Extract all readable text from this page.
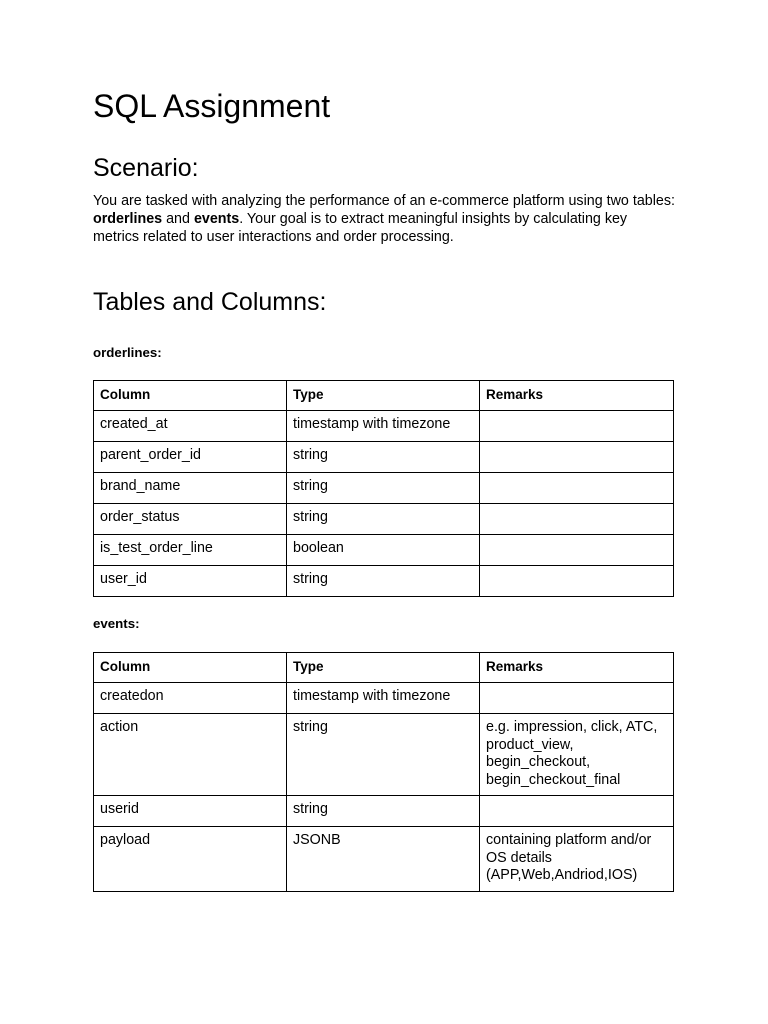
SQL Assignment
Scenario:

You are tasked with analyzing the performance of an e-commerce platform using two tables: orderlines and events. Your goal is to extract meaningful insights by calculating key metrics related to user interactions and order processing.

Tables and Columns:

orderlines:

Column	Type	Remarks
created_at	timestamp with timezone	
parent_order_id	string	
brand_name	string	
order_status	string	
is_test_order_line	boolean	
user_id	string	

events:

Column	Type	Remarks
createdon	timestamp with timezone	
action	string	e.g. impression, click, ATC, product_view, begin_checkout, begin_checkout_final
userid	string	
payload	JSONB	containing platform and/or OS details (APP,Web,Andriod,IOS)
